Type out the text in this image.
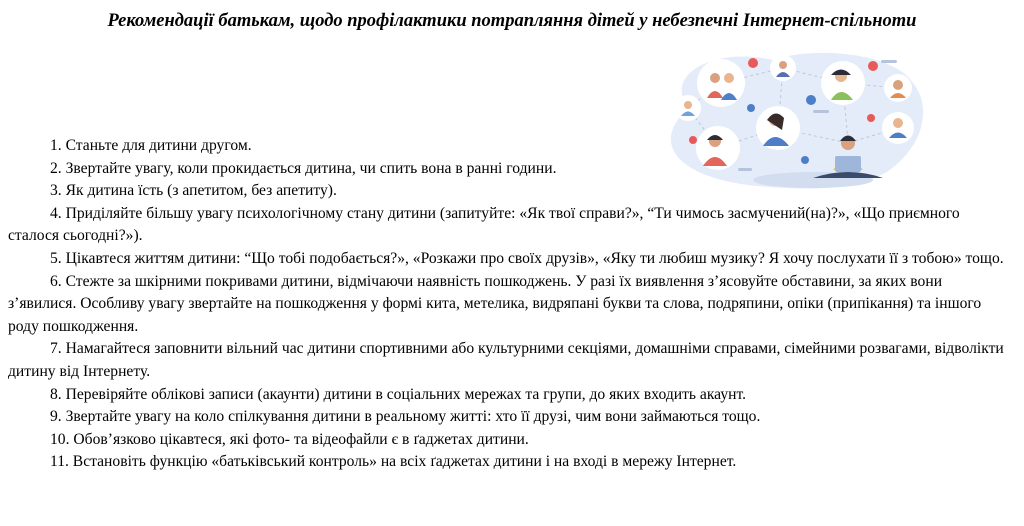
Рекомендації батькам, щодо профілактики потрапляння дітей у небезпечні Інтернет-спільноти

1. Станьте для дитини другом.

2. Звертайте увагу, коли прокидається дитина, чи спить вона в ранні години.

3. Як дитина їсть (з апетитом, без апетиту).

4. Приділяйте більшу увагу психологічному стану дитини (запитуйте: «Як твої справи?», “Ти чимось засмучений(на)?», «Що приємного сталося сьогодні?»).

5. Цікавтеся життям дитини: “Що тобі подобається?», «Розкажи про своїх друзів», «Яку ти любиш музику? Я хочу послухати її з тобою» тощо.

6. Стежте за шкірними покривами дитини, відмічаючи наявність пошкоджень. У разі їх виявлення з’ясовуйте обставини, за яких вони з’явилися. Особливу увагу звертайте на пошкодження у формі кита, метелика, видряпані букви та слова, подряпини, опіки (припікання) та іншого роду пошкодження.

7. Намагайтеся заповнити вільний час дитини спортивними або культурними секціями, домашніми справами, сімейними розвагами, відволікти дитину від Інтернету.

8. Перевіряйте облікові записи (акаунти) дитини в соціальних мережах та групи, до яких входить акаунт.

9. Звертайте увагу на коло спілкування дитини в реальному житті: хто її друзі, чим вони займаються тощо.

10. Обов’язково цікавтеся, які фото- та відеофайли є в ґаджетах дитини.

11. Встановіть функцію «батьківський контроль» на всіх ґаджетах дитини і на вході в мережу Інтернет.
